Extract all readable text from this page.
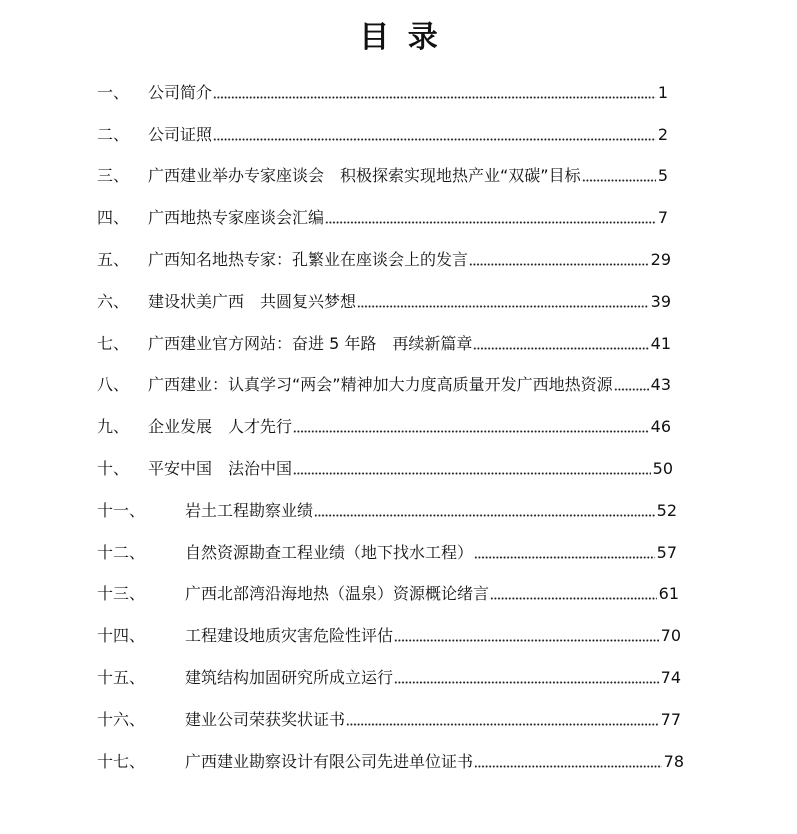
目 录
一、	公司简介	1
二、	公司证照	2
三、	广西建业举办专家座谈会　积极探索实现地热产业“双碳”目标	5
四、	广西地热专家座谈会汇编	7
五、	广西知名地热专家：孔繁业在座谈会上的发言	29
六、	建设状美广西　共圆复兴梦想	39
七、	广西建业官方网站：奋进 5 年路　再续新篇章	41
八、	广西建业：认真学习“两会”精神加大力度高质量开发广西地热资源 43
九、	企业发展　人才先行	46
十、	平安中国　法治中国	50
十一、	岩土工程勘察业绩	52
十二、	自然资源勘查工程业绩（地下找水工程）	57
十三、	广西北部湾沿海地热（温泉）资源概论绪言	61
十四、	工程建设地质灾害危险性评估	70
十五、	建筑结构加固研究所成立运行	74
十六、	建业公司荣获奖状证书	77
十七、	广西建业勘察设计有限公司先进单位证书	78
